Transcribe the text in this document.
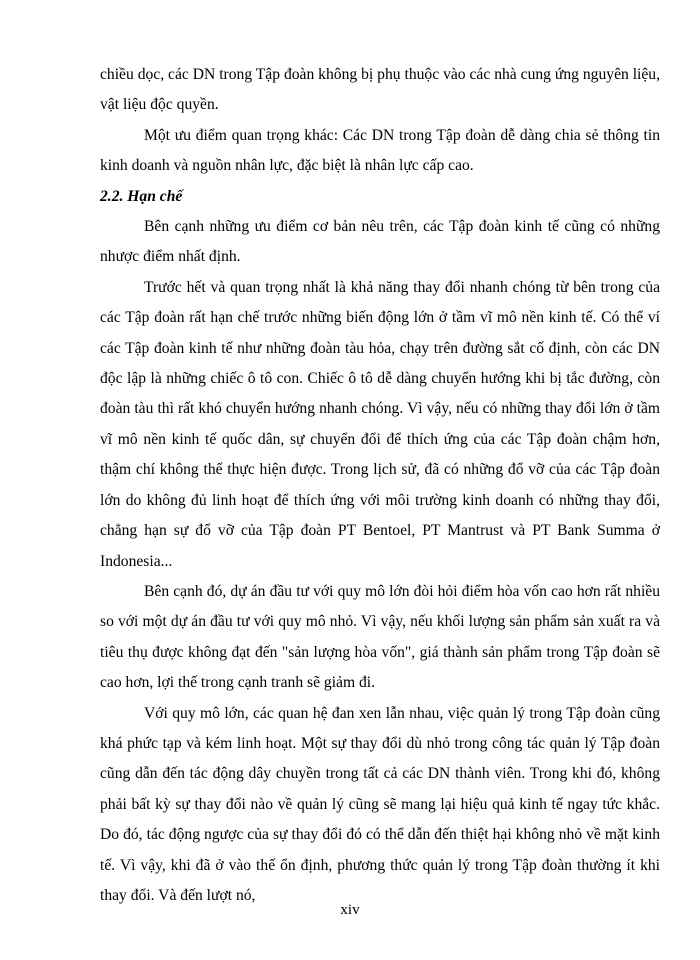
chiều dọc, các DN trong Tập đoàn không bị phụ thuộc vào các nhà cung ứng nguyên liệu, vật liệu độc quyền.

Một ưu điểm quan trọng khác: Các DN trong Tập đoàn dễ dàng chia sẻ thông tin kinh doanh và nguồn nhân lực, đặc biệt là nhân lực cấp cao.

2.2. Hạn chế

Bên cạnh những ưu điểm cơ bản nêu trên, các Tập đoàn kinh tế cũng có những nhược điểm nhất định.

Trước hết và quan trọng nhất là khả năng thay đổi nhanh chóng từ bên trong của các Tập đoàn rất hạn chế trước những biến động lớn ở tầm vĩ mô nền kinh tế. Có thể ví các Tập đoàn kinh tế như những đoàn tàu hỏa, chạy trên đường sắt cố định, còn các DN độc lập là những chiếc ô tô con. Chiếc ô tô dễ dàng chuyển hướng khi bị tắc đường, còn đoàn tàu thì rất khó chuyển hướng nhanh chóng. Vì vậy, nếu có những thay đổi lớn ở tầm vĩ mô nền kinh tế quốc dân, sự chuyển đổi để thích ứng của các Tập đoàn chậm hơn, thậm chí không thể thực hiện được. Trong lịch sử, đã có những đổ vỡ của các Tập đoàn lớn do không đủ linh hoạt để thích ứng với môi trường kinh doanh có những thay đổi, chẳng hạn sự đổ vỡ của Tập đoàn PT Bentoel, PT Mantrust và PT Bank Summa ở Indonesia...

Bên cạnh đó, dự án đầu tư với quy mô lớn đòi hỏi điểm hòa vốn cao hơn rất nhiều so với một dự án đầu tư với quy mô nhỏ. Vì vậy, nếu khối lượng sản phẩm sản xuất ra và tiêu thụ được không đạt đến "sản lượng hòa vốn", giá thành sản phẩm trong Tập đoàn sẽ cao hơn, lợi thế trong cạnh tranh sẽ giảm đi.

Với quy mô lớn, các quan hệ đan xen lẫn nhau, việc quản lý trong Tập đoàn cũng khá phức tạp và kém linh hoạt. Một sự thay đổi dù nhỏ trong công tác quản lý Tập đoàn cũng dẫn đến tác động dây chuyền trong tất cả các DN thành viên. Trong khi đó, không phải bất kỳ sự thay đổi nào về quản lý cũng sẽ mang lại hiệu quả kinh tế ngay tức khắc. Do đó, tác động ngược của sự thay đổi đó có thể dẫn đến thiệt hại không nhỏ về mặt kinh tế. Vì vậy, khi đã ở vào thế ổn định, phương thức quản lý trong Tập đoàn thường ít khi thay đổi. Và đến lượt nó,

xiv
